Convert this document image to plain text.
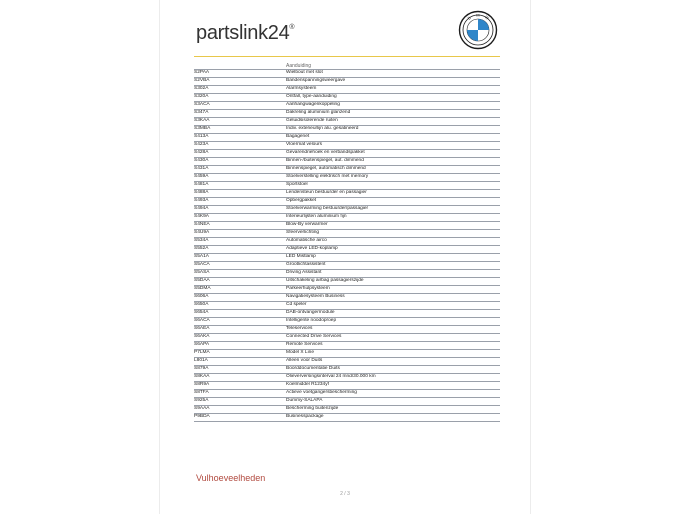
partslink24®
B
M W
	Aanduiding
S2PAA	Wielbout met slot
S2VBA	Bandenspanningsweergave
S302A	Alarmsysteem
S320A	Ontfall, type-aanduiding
S3ACA	Aanhangwagenkoppeling
S347A	Dakreling aluminium glanzend
S3KAA	Geluidsisolerende ruiten
S3MBA	Indiv. exterieurlijn alu. gesatineerd
S413A	Bagagenet
S423A	Vloermat velours
S428A	Gevarendriehoek en verbandspakket
S430A	Binnen-/buitenspiegel, aut. dimmend
S431A	Binnenspiegel, automatisch dimmend
S459A	Stoelverstelling elektrisch met memory
S481A	Sportstoel
S488A	Lendensteun bestuurder en passagier
S493A	Opbergpakket
S494A	Stoelverwarming bestuurder/passagier
S4K9A	Interieurlijsten aluminium fijn
S4NEA	Blow-By verwarmer
S4U9A	Sfeerverlichting
S534A	Automatische airco
S552A	Adaptieve LED-koplamp
S5A1A	LED Mistlamp
S5ACA	Grootlichtassistent
S5ASA	Driving Assistant
S5DAA	Uitschakeling airbag passagierszijde
S5DMA	Parkeerhulpsysteem
S606A	Navigatiesysteem Business
S650A	Cd speler
S654A	DAB-ontvangermodule
S6ACA	Intelligente noodoproep
S6AEA	Teleservices
S6AKA	Connected Drive Services
S6APA	Remote Services
P7LMA	Model X Line
L801A	Alleen voor Duits
S879A	Boorddocumentatie Duits
S8KAA	Olieverversingsinterval 24 mnd/30.000 km
S8R9A	Koelmiddel R1234yf
S8TFA	Actieve voetgangersbescherming
S925A	Dummy-SALAPA
S9AAA	Bescherming buitenzijde
P9BDA	Businesspackage
Vulhoeveelheden
2 / 3
